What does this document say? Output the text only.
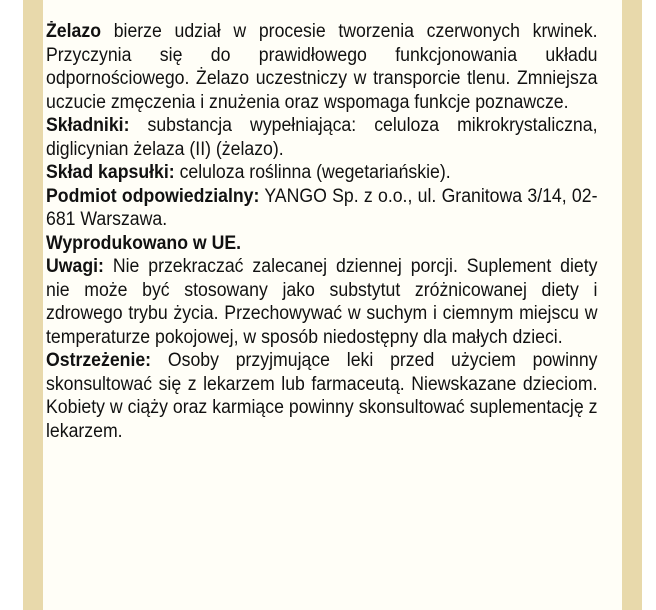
Żelazo bierze udział w procesie tworzenia czerwonych krwinek. Przyczynia się do prawidłowego funkcjonowania układu odpornościowego. Żelazo uczestniczy w transporcie tlenu. Zmniejsza uczucie zmęczenia i znużenia oraz wspomaga funkcje poznawcze.

Składniki: substancja wypełniająca: celuloza mikrokrystaliczna, diglicynian żelaza (II) (żelazo).

Skład kapsułki: celuloza roślinna (wegetariańskie).

Podmiot odpowiedzialny: YANGO Sp. z o.o., ul. Granitowa 3/14, 02-681 Warszawa.

Wyprodukowano w UE.

Uwagi: Nie przekraczać zalecanej dziennej porcji. Suplement diety nie może być stosowany jako substytut zróżnicowanej diety i zdrowego trybu życia. Przechowywać w suchym i ciemnym miejscu w temperaturze pokojowej, w sposób niedostępny dla małych dzieci.

Ostrzeżenie: Osoby przyjmujące leki przed użyciem powinny skonsultować się z lekarzem lub farmaceutą. Niewskazane dzieciom. Kobiety w ciąży oraz karmiące powinny skonsultować suplementację z lekarzem.
